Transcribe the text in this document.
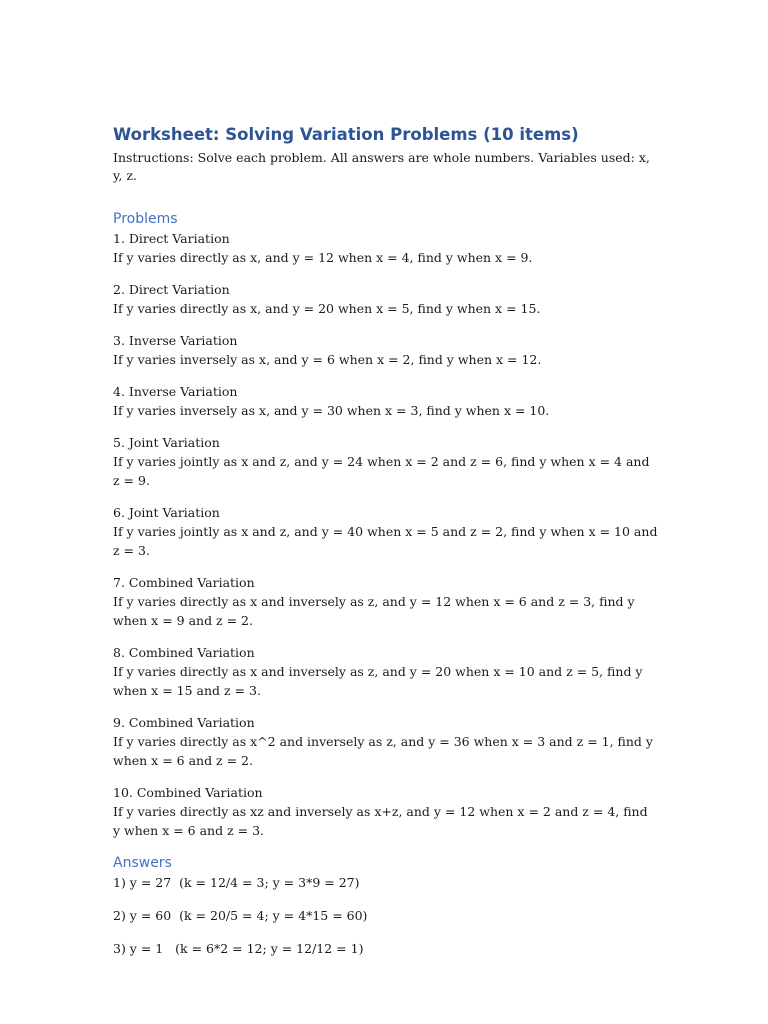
Worksheet: Solving Variation Problems (10 items)
Instructions: Solve each problem. All answers are whole numbers. Variables used: x, y, z.
Problems
1. Direct Variation
If y varies directly as x, and y = 12 when x = 4, find y when x = 9.
2. Direct Variation
If y varies directly as x, and y = 20 when x = 5, find y when x = 15.
3. Inverse Variation
If y varies inversely as x, and y = 6 when x = 2, find y when x = 12.
4. Inverse Variation
If y varies inversely as x, and y = 30 when x = 3, find y when x = 10.
5. Joint Variation
If y varies jointly as x and z, and y = 24 when x = 2 and z = 6, find y when x = 4 and z = 9.
6. Joint Variation
If y varies jointly as x and z, and y = 40 when x = 5 and z = 2, find y when x = 10 and z = 3.
7. Combined Variation
If y varies directly as x and inversely as z, and y = 12 when x = 6 and z = 3, find y when x = 9 and z = 2.
8. Combined Variation
If y varies directly as x and inversely as z, and y = 20 when x = 10 and z = 5, find y when x = 15 and z = 3.
9. Combined Variation
If y varies directly as x^2 and inversely as z, and y = 36 when x = 3 and z = 1, find y when x = 6 and z = 2.
10. Combined Variation
If y varies directly as xz and inversely as x+z, and y = 12 when x = 2 and z = 4, find y when x = 6 and z = 3.
Answers
1) y = 27  (k = 12/4 = 3; y = 3*9 = 27)
2) y = 60  (k = 20/5 = 4; y = 4*15 = 60)
3) y = 1   (k = 6*2 = 12; y = 12/12 = 1)
